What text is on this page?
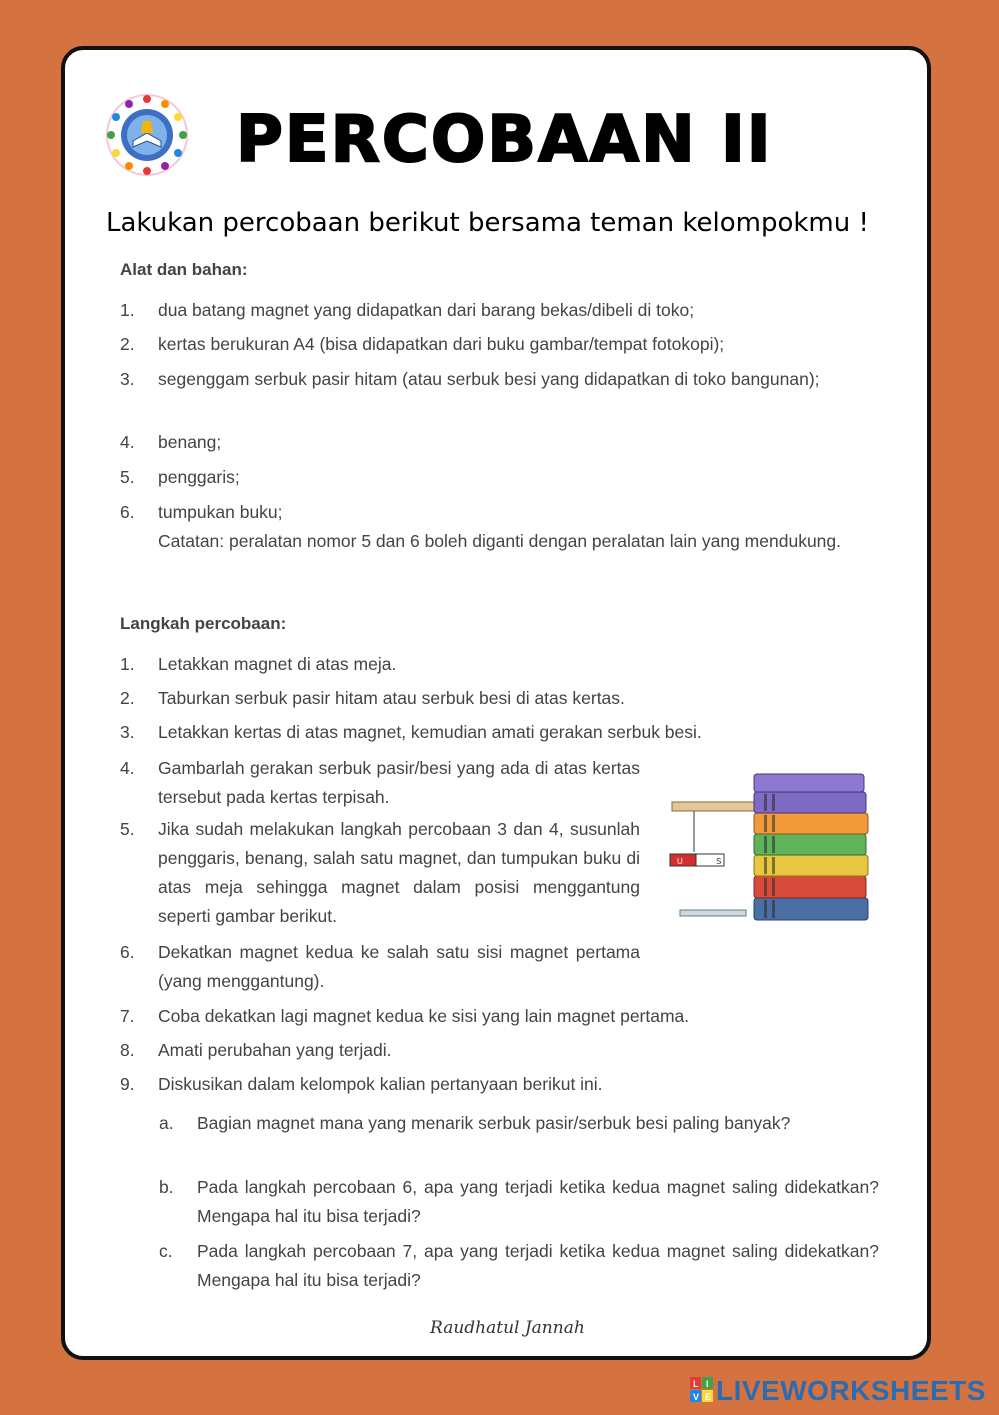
PERCOBAAN II

Lakukan percobaan berikut bersama teman kelompokmu !

Alat dan bahan:

1.	dua batang magnet yang didapatkan dari barang bekas/dibeli di toko;
2.	kertas berukuran A4 (bisa didapatkan dari buku gambar/tempat fotokopi);
3.	segenggam serbuk pasir hitam (atau serbuk besi yang didapatkan di toko bangunan);
4.	benang;
5.	penggaris;
6.	tumpukan buku;
Catatan: peralatan nomor 5 dan 6 boleh diganti dengan peralatan lain yang mendukung.

Langkah percobaan:

1.	Letakkan magnet di atas meja.
2.	Taburkan serbuk pasir hitam atau serbuk besi di atas kertas.
3.	Letakkan kertas di atas magnet, kemudian amati gerakan serbuk besi.
4.	Gambarlah gerakan serbuk pasir/besi yang ada di atas kertas tersebut pada kertas terpisah.
5.	Jika sudah melakukan langkah percobaan 3 dan 4, susunlah penggaris, benang, salah satu magnet, dan tumpukan buku di atas meja sehingga magnet dalam posisi menggantung seperti gambar berikut.
6.	Dekatkan magnet kedua ke salah satu sisi magnet pertama (yang menggantung).
7.	Coba dekatkan lagi magnet kedua ke sisi yang lain magnet pertama.
8.	Amati perubahan yang terjadi.
9.	Diskusikan dalam kelompok kalian pertanyaan berikut ini.
a.	Bagian magnet mana yang menarik serbuk pasir/serbuk besi paling banyak?
b.	Pada langkah percobaan 6, apa yang terjadi ketika kedua magnet saling didekatkan? Mengapa hal itu bisa terjadi?
c.	Pada langkah percobaan 7, apa yang terjadi ketika kedua magnet saling didekatkan? Mengapa hal itu bisa terjadi?
U	S

Raudhatul Jannah

L I
V E LIVEWORKSHEETS
